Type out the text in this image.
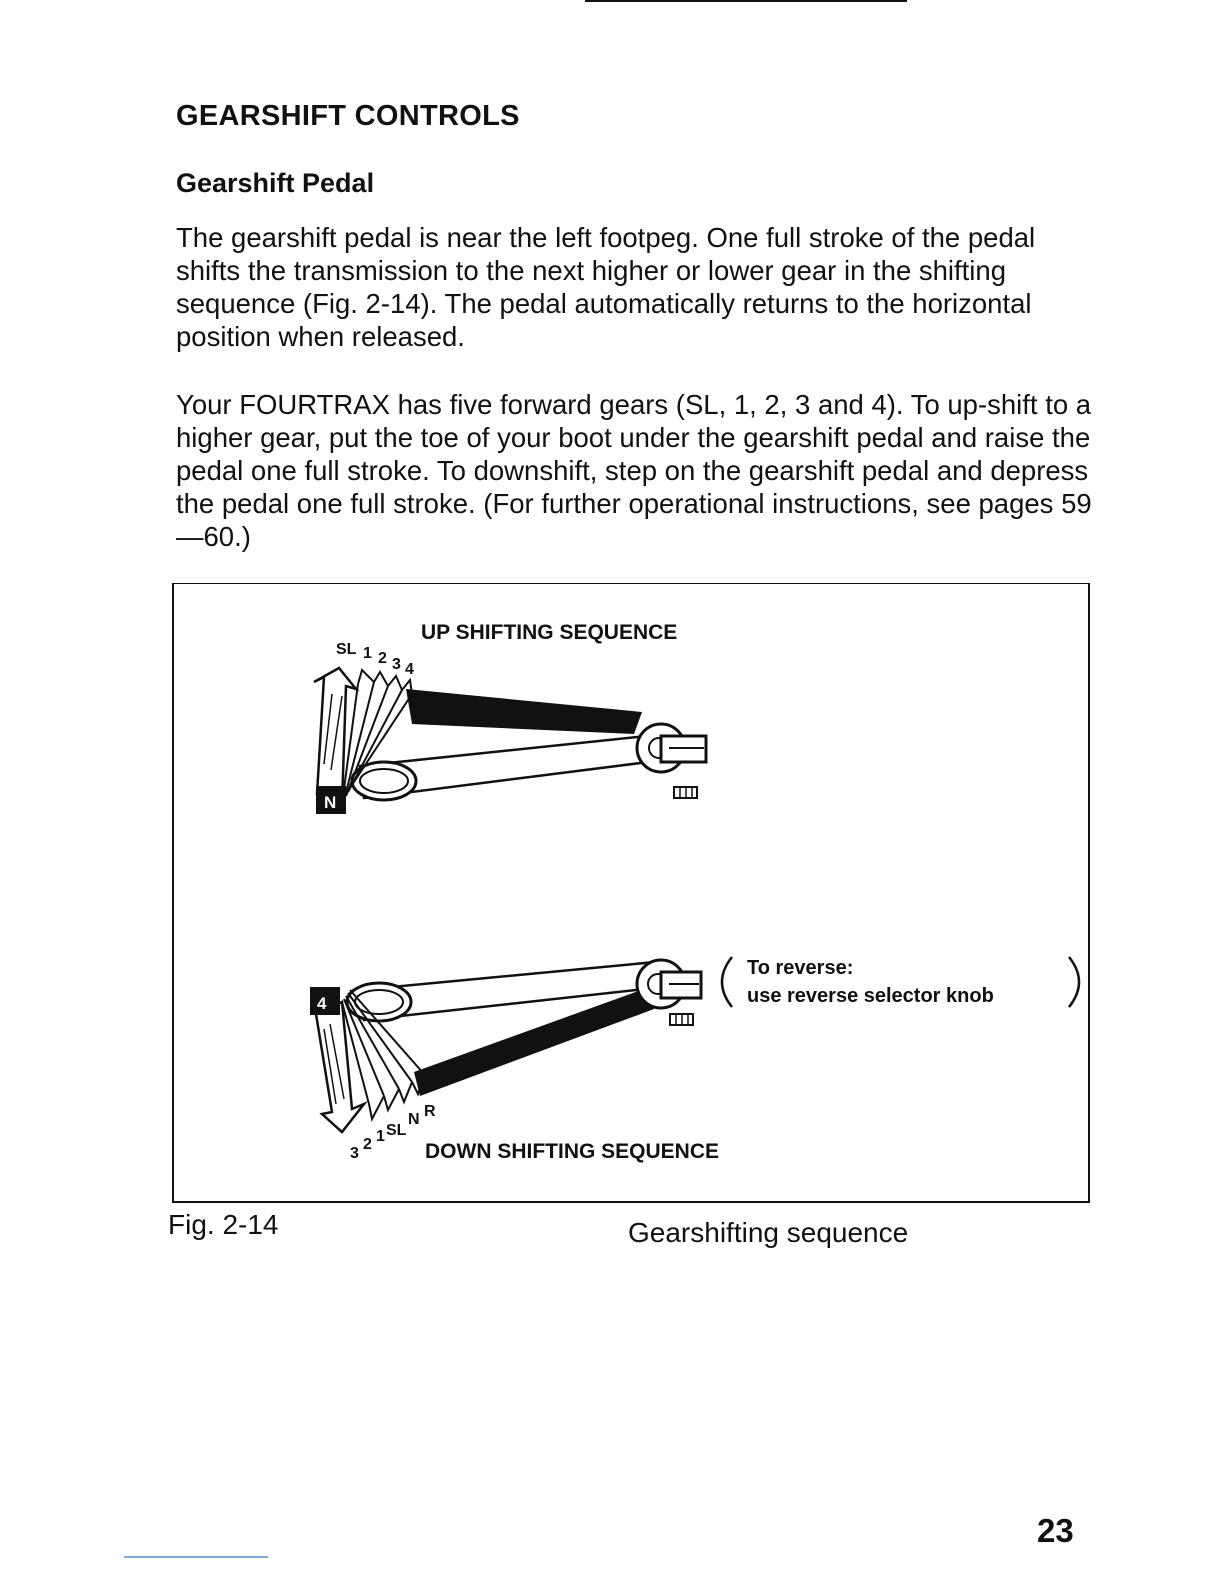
GEARSHIFT CONTROLS
Gearshift Pedal

The gearshift pedal is near the left footpeg. One full stroke of the pedal shifts the transmission to the next higher or lower gear in the shifting sequence (Fig. 2-14). The pedal automatically returns to the horizontal position when released.

Your FOURTRAX has five forward gears (SL, 1, 2, 3 and 4). To up-shift to a higher gear, put the toe of your boot under the gearshift pedal and raise the pedal one full stroke. To downshift, step on the gearshift pedal and depress the pedal one full stroke. (For further operational instructions, see pages 59—60.)

N
UP SHIFTING SEQUENCE
SL 1 2 3 4
4
DOWN SHIFTING SEQUENCE
3
2 1 SL
N R
To reverse:
use reverse selector knob
Fig. 2-14	Gearshifting sequence
23
